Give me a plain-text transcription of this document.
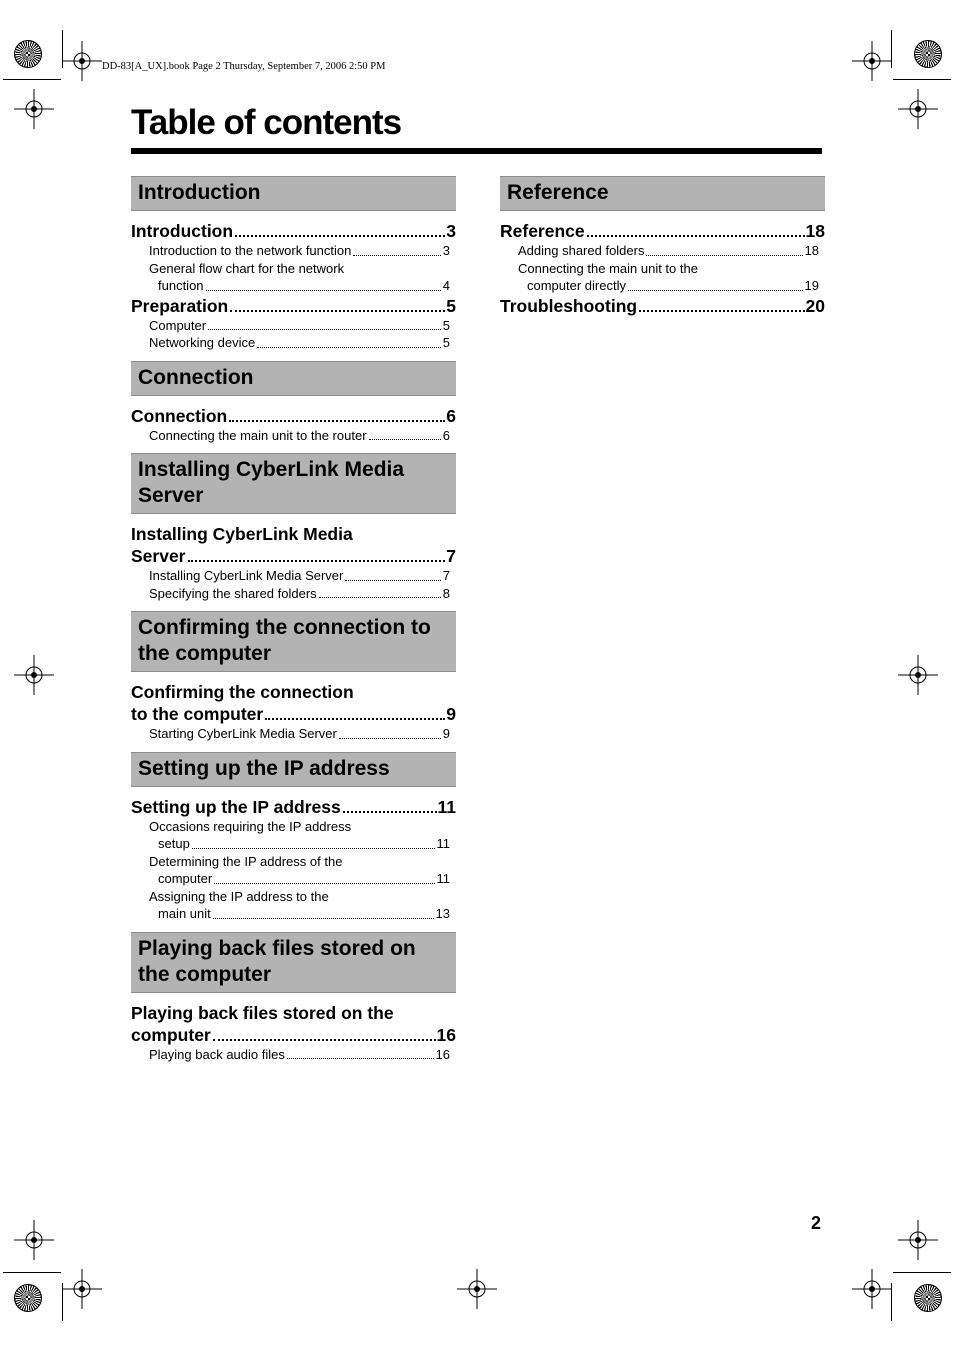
DD-83[A_UX].book Page 2 Thursday, September 7, 2006 2:50 PM
Table of contents
Introduction
Introduction	3
Introduction to the network function	3
General flow chart for the network
function	4
Preparation	5
Computer	5
Networking device	5
Connection
Connection	6
Connecting the main unit to the router	6
Installing CyberLink Media
Server
Installing CyberLink Media
Server	7
Installing CyberLink Media Server	7
Specifying the shared folders	8
Confirming the connection to
the computer
Confirming the connection
to the computer	9
Starting CyberLink Media Server	9
Setting up the IP address
Setting up the IP address	11
Occasions requiring the IP address
setup	11
Determining the IP address of the
computer	11
Assigning the IP address to the
main unit	13
Playing back files stored on
the computer
Playing back files stored on the
computer	16
Playing back audio files	16
Reference
Reference	18
Adding shared folders	18
Connecting the main unit to the
computer directly	19
Troubleshooting	20
2
